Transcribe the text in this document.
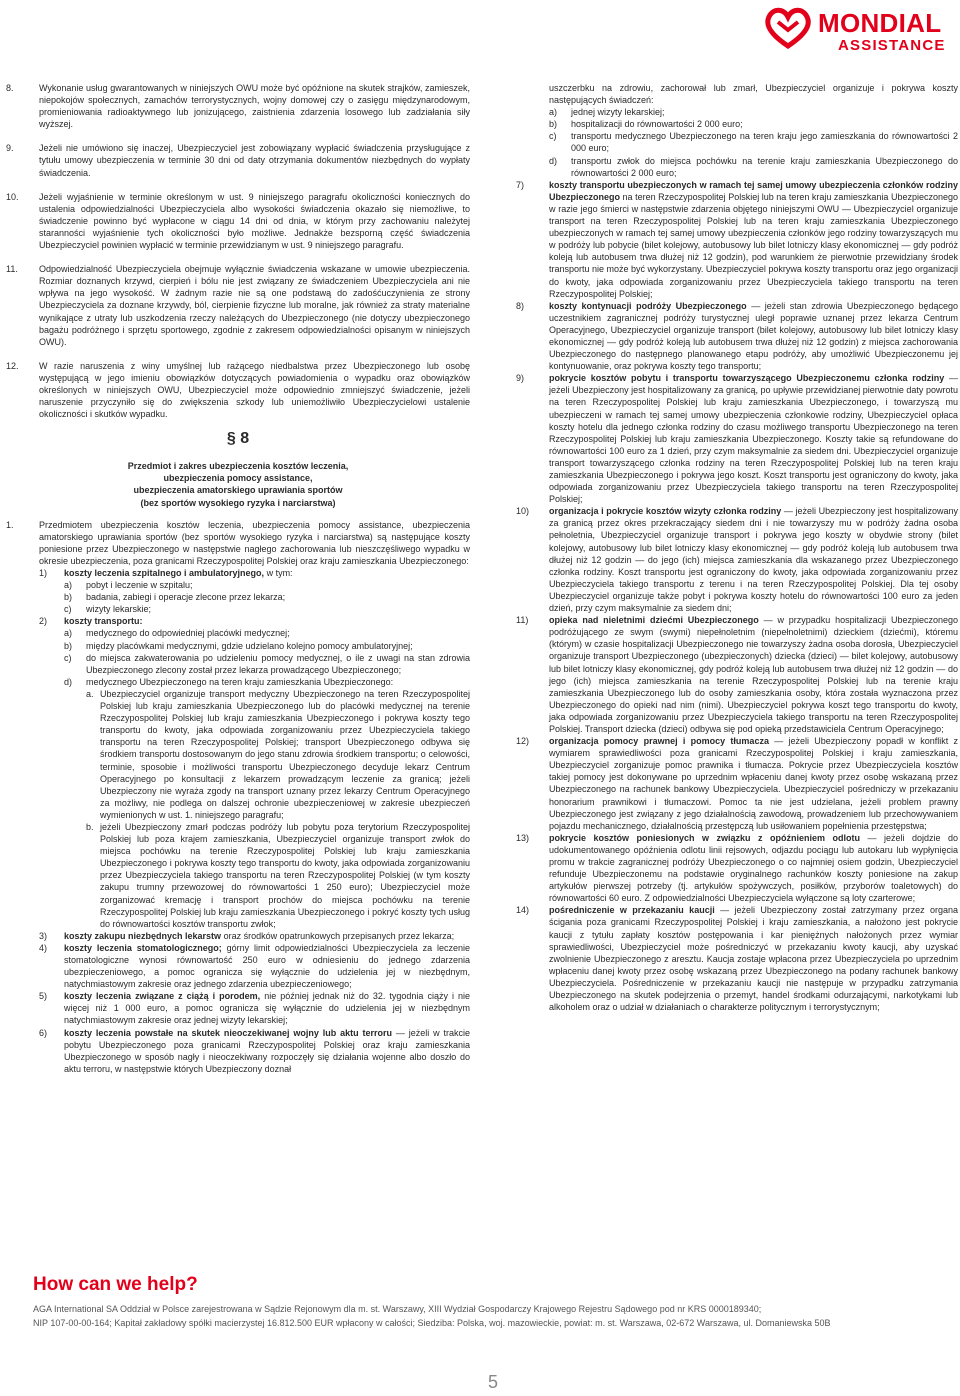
MONDIAL
ASSISTANCE
8.	Wykonanie usług gwarantowanych w niniejszych OWU może być opóźnione na skutek strajków, zamieszek, niepokojów społecznych, zamachów terrorystycznych, wojny domowej czy o zasięgu międzynarodowym, promieniowania radioaktywnego lub jonizującego, zaistnienia zdarzenia losowego lub zadziałania siły wyższej.
9.	Jeżeli nie umówiono się inaczej, Ubezpieczyciel jest zobowiązany wypłacić świadczenia przysługujące z tytułu umowy ubezpieczenia w terminie 30 dni od daty otrzymania dokumentów niezbędnych do wypłaty świadczenia.
10. Jeżeli wyjaśnienie w terminie określonym w ust. 9 niniejszego paragrafu okoliczności koniecznych do ustalenia odpowiedzialności Ubezpieczyciela albo wysokości świadczenia okazało się niemożliwe, to świadczenie powinno być wypłacone w ciągu 14 dni od dnia, w którym przy zachowaniu należytej staranności wyjaśnienie tych okoliczności było możliwe. Jednakże bezsporną część świadczenia Ubezpieczyciel powinien wypłacić w terminie przewidzianym w ust. 9 niniejszego paragrafu.
11. Odpowiedzialność Ubezpieczyciela obejmuje wyłącznie świadczenia wskazane w umowie ubezpieczenia. Rozmiar doznanych krzywd, cierpień i bólu nie jest związany ze świadczeniem Ubezpieczyciela ani nie wpływa na jego wysokość. W żadnym razie nie są one podstawą do zadośćuczynienia ze strony Ubezpieczyciela za doznane krzywdy, ból, cierpienie fizyczne lub moralne, jak również za straty materialne wynikające z utraty lub uszkodzenia rzeczy należących do Ubezpieczonego (nie dotyczy ubezpieczonego bagażu podróżnego i sprzętu sportowego, zgodnie z zakresem odpowiedzialności opisanym w niniejszych OWU).
12. W razie naruszenia z winy umyślnej lub rażącego niedbalstwa przez Ubezpieczonego lub osobę występującą w jego imieniu obowiązków dotyczących powiadomienia o wypadku oraz obowiązków określonych w niniejszych OWU, Ubezpieczyciel może odpowiednio zmniejszyć świadczenie, jeżeli naruszenie przyczyniło się do zwiększenia szkody lub uniemożliwiło Ubezpieczycielowi ustalenie okoliczności i skutków wypadku.
§ 8
Przedmiot i zakres ubezpieczenia kosztów leczenia,
ubezpieczenia pomocy assistance,
ubezpieczenia amatorskiego uprawiania sportów
(bez sportów wysokiego ryzyka i narciarstwa)
1.	Przedmiotem ubezpieczenia kosztów leczenia, ubezpieczenia pomocy assistance, ubezpieczenia amatorskiego uprawiania sportów (bez sportów wysokiego ryzyka i narciarstwa) są następujące koszty poniesione przez Ubezpieczonego w następstwie nagłego zachorowania lub nieszczęśliwego wypadku w okresie ubezpieczenia, poza granicami Rzeczypospolitej Polskiej oraz kraju zamieszkania Ubezpieczonego:
1) koszty leczenia szpitalnego i ambulatoryjnego, w tym:
a) pobyt i leczenie w szpitalu;
b) badania, zabiegi i operacje zlecone przez lekarza;
c) wizyty lekarskie;
2) koszty transportu:
a) medycznego do odpowiedniej placówki medycznej;
b) między placówkami medycznymi, gdzie udzielano kolejno pomocy ambulatoryjnej;
c) do miejsca zakwaterowania po udzieleniu pomocy medycznej, o ile z uwagi na stan zdrowia Ubezpieczonego zlecony został przez lekarza prowadzącego Ubezpieczonego;
d) medycznego Ubezpieczonego na teren kraju zamieszkania Ubezpieczonego:
a. Ubezpieczyciel organizuje transport medyczny Ubezpieczonego na teren Rzeczypospolitej Polskiej lub kraju zamieszkania Ubezpieczonego lub do placówki medycznej na terenie Rzeczypospolitej Polskiej lub kraju zamieszkania Ubezpieczonego i pokrywa koszty tego transportu do kwoty, jaka odpowiada zorganizowaniu przez Ubezpieczyciela takiego transportu na teren Rzeczypospolitej Polskiej; transport Ubezpieczonego odbywa się środkiem transportu dostosowanym do jego stanu zdrowia środkiem transportu; o celowości, terminie, sposobie i możliwości transportu Ubezpieczonego decyduje lekarz Centrum Operacyjnego po konsultacji z lekarzem prowadzącym leczenie za granicą; jeżeli Ubezpieczony nie wyraża zgody na transport uznany przez lekarzy Centrum Operacyjnego za możliwy, nie podlega on dalszej ochronie ubezpieczeniowej w zakresie ubezpieczeń wymienionych w ust. 1. niniejszego paragrafu;
b. jeżeli Ubezpieczony zmarł podczas podróży lub pobytu poza terytorium Rzeczypospolitej Polskiej lub poza krajem zamieszkania, Ubezpieczyciel organizuje transport zwłok do miejsca pochówku na terenie Rzeczypospolitej Polskiej lub kraju zamieszkania Ubezpieczonego i pokrywa koszty tego transportu do kwoty, jaka odpowiada zorganizowaniu przez Ubezpieczyciela takiego transportu na teren Rzeczypospolitej Polskiej (w tym koszty zakupu trumny przewozowej do równowartości 1 250 euro); Ubezpieczyciel może zorganizować kremację i transport prochów do miejsca pochówku na terenie Rzeczypospolitej Polskiej lub kraju zamieszkania Ubezpieczonego i pokryć koszty tych usług do równowartości kosztów transportu zwłok;
3) koszty zakupu niezbędnych lekarstw oraz środków opatrunkowych przepisanych przez lekarza;
4) koszty leczenia stomatologicznego; górny limit odpowiedzialności Ubezpieczyciela za leczenie stomatologiczne wynosi równowartość 250 euro w odniesieniu do jednego zdarzenia ubezpieczeniowego, a pomoc ogranicza się wyłącznie do udzielenia jej w niezbędnym, natychmiastowym zakresie oraz jednego zdarzenia ubezpieczeniowego;
5) koszty leczenia związane z ciążą i porodem, nie później jednak niż do 32. tygodnia ciąży i nie więcej niż 1 000 euro, a pomoc ogranicza się wyłącznie do udzielenia jej w niezbędnym natychmiastowym zakresie oraz jednej wizyty lekarskiej;
6) koszty leczenia powstałe na skutek nieoczekiwanej wojny lub aktu terroru — jeżeli w trakcie pobytu Ubezpieczonego poza granicami Rzeczypospolitej Polskiej oraz kraju zamieszkania Ubezpieczonego w sposób nagły i nieoczekiwany rozpoczęły się działania wojenne albo doszło do aktu terroru, w następstwie których Ubezpieczony doznał
uszczerbku na zdrowiu, zachorował lub zmarł, Ubezpieczyciel organizuje i pokrywa koszty następujących świadczeń:
a) jednej wizyty lekarskiej;
b) hospitalizacji do równowartości 2 000 euro;
c) transportu medycznego Ubezpieczonego na teren kraju jego zamieszkania do równowartości 2 000 euro;
d) transportu zwłok do miejsca pochówku na terenie kraju zamieszkania Ubezpieczonego do równowartości 2 000 euro;
7)	koszty transportu ubezpieczonych w ramach tej samej umowy ubezpieczenia członków rodziny Ubezpieczonego na teren Rzeczypospolitej Polskiej lub na teren kraju zamieszkania Ubezpieczonego w razie jego śmierci w następstwie zdarzenia objętego niniejszymi OWU — Ubezpieczyciel organizuje transport na teren Rzeczypospolitej Polskiej lub na teren kraju zamieszkania Ubezpieczonego ubezpieczonych w ramach tej samej umowy ubezpieczenia członków jego rodziny towarzyszących mu w podróży lub pobycie (bilet kolejowy, autobusowy lub bilet lotniczy klasy ekonomicznej — gdy podróż koleją lub autobusem trwa dłużej niż 12 godzin), pod warunkiem że pierwotnie przewidziany środek transportu nie może być wykorzystany. Ubezpieczyciel pokrywa koszty transportu oraz jego organizacji do kwoty, jaka odpowiada zorganizowaniu przez Ubezpieczyciela takiego transportu na teren Rzeczypospolitej Polskiej;
8)	koszty kontynuacji podróży Ubezpieczonego — jeżeli stan zdrowia Ubezpieczonego będącego uczestnikiem zagranicznej podróży turystycznej uległ poprawie uznanej przez lekarza Centrum Operacyjnego, Ubezpieczyciel organizuje transport (bilet kolejowy, autobusowy lub bilet lotniczy klasy ekonomicznej — gdy podróż koleją lub autobusem trwa dłużej niż 12 godzin) z miejsca zachorowania Ubezpieczonego do następnego planowanego etapu podróży, aby umożliwić Ubezpieczonemu jej kontynuowanie, oraz pokrywa koszty tego transportu;
9)	pokrycie kosztów pobytu i transportu towarzyszącego Ubezpieczonemu członka rodziny — jeżeli Ubezpieczony jest hospitalizowany za granicą, po upływie przewidzianej pierwotnie daty powrotu na teren Rzeczypospolitej Polskiej lub kraju zamieszkania Ubezpieczonego, i towarzyszą mu ubezpieczeni w ramach tej samej umowy ubezpieczenia członkowie rodziny, Ubezpieczyciel opłaca koszty hotelu dla jednego członka rodziny do czasu możliwego transportu Ubezpieczonego na teren Rzeczypospolitej Polskiej lub kraju zamieszkania Ubezpieczonego. Koszty takie są refundowane do równowartości 100 euro za 1 dzień, przy czym maksymalnie za siedem dni. Ubezpieczyciel organizuje transport towarzyszącego członka rodziny na teren Rzeczypospolitej Polskiej lub na teren kraju zamieszkania Ubezpieczonego i pokrywa jego koszt. Koszt transportu jest ograniczony do kwoty, jaka odpowiada zorganizowaniu przez Ubezpieczyciela takiego transportu na teren Rzeczypospolitej Polskiej;
10) organizacja i pokrycie kosztów wizyty członka rodziny — jeżeli Ubezpieczony jest hospitalizowany za granicą przez okres przekraczający siedem dni i nie towarzyszy mu w podróży żadna osoba pełnoletnia, Ubezpieczyciel organizuje transport i pokrywa jego koszty w obydwie strony (bilet kolejowy, autobusowy lub bilet lotniczy klasy ekonomicznej — gdy podróż koleją lub autobusem trwa dłużej niż 12 godzin — do jego (ich) miejsca zamieszkania dla wskazanego przez Ubezpieczonego członka rodziny. Koszt transportu jest ograniczony do kwoty, jaka odpowiada zorganizowaniu przez Ubezpieczyciela takiego transportu z terenu i na teren Rzeczypospolitej Polskiej. Dla tej osoby Ubezpieczyciel organizuje także pobyt i pokrywa koszty hotelu do równowartości 100 euro za jeden dzień, przy czym maksymalnie za siedem dni;
11) opieka nad nieletnimi dziećmi Ubezpieczonego — w przypadku hospitalizacji Ubezpieczonego podróżującego ze swym (swymi) niepełnoletnim (niepełnoletnimi) dzieckiem (dziećmi), któremu (którym) w czasie hospitalizacji Ubezpieczonego nie towarzyszy żadna osoba dorosła, Ubezpieczyciel organizuje transport Ubezpieczonego (ubezpieczonych) dziecka (dzieci) — bilet kolejowy, autobusowy lub bilet lotniczy klasy ekonomicznej, gdy podróż koleją lub autobusem trwa dłużej niż 12 godzin — do jego (ich) miejsca zamieszkania na terenie Rzeczypospolitej Polskiej lub na terenie kraju zamieszkania Ubezpieczonego lub do osoby zamieszkania osoby, która została wyznaczona przez Ubezpieczonego do opieki nad nim (nimi). Ubezpieczyciel pokrywa koszt tego transportu do kwoty, jaka odpowiada zorganizowaniu przez Ubezpieczyciela takiego transportu na teren Rzeczypospolitej Polskiej. Transport dziecka (dzieci) odbywa się pod opieką przedstawiciela Centrum Operacyjnego;
12) organizacja pomocy prawnej i pomocy tłumacza — jeżeli Ubezpieczony popadł w konflikt z wymiarem sprawiedliwości poza granicami Rzeczypospolitej Polskiej i kraju zamieszkania, Ubezpieczyciel zorganizuje pomoc prawnika i tłumacza. Pokrycie przez Ubezpieczyciela kosztów takiej pomocy jest dokonywane po uprzednim wpłaceniu danej kwoty przez osobę wskazaną przez Ubezpieczonego na rachunek bankowy Ubezpieczyciela. Ubezpieczyciel pośredniczy w przekazaniu honorarium prawnikowi i tłumaczowi. Pomoc ta nie jest udzielana, jeżeli problem prawny Ubezpieczonego jest związany z jego działalnością zawodową, prowadzeniem lub przechowywaniem pojazdu mechanicznego, działalnością przestępczą lub usiłowaniem popełnienia przestępstwa;
13) pokrycie kosztów poniesionych w związku z opóźnieniem odlotu — jeżeli dojdzie do udokumentowanego opóźnienia odlotu linii rejsowych, odjazdu pociągu lub autokaru lub wypłynięcia promu w trakcie zagranicznej podróży Ubezpieczonego o co najmniej osiem godzin, Ubezpieczyciel refunduje Ubezpieczonemu na podstawie oryginalnego rachunków koszty poniesione na zakup artykułów pierwszej potrzeby (tj. artykułów spożywczych, posiłków, przyborów toaletowych) do równowartości 60 euro. Z odpowiedzialności Ubezpieczyciela wyłączone są loty czarterowe;
14) pośredniczenie w przekazaniu kaucji — jeżeli Ubezpieczony został zatrzymany przez organa ścigania poza granicami Rzeczypospolitej Polskiej i kraju zamieszkania, a nałożono jest pokrycie kaucji z tytułu zapłaty kosztów postępowania i kar pieniężnych nałożonych przez wymiar sprawiedliwości, Ubezpieczyciel może pośredniczyć w przekazaniu kwoty kaucji, aby uzyskać zwolnienie Ubezpieczonego z aresztu. Kaucja zostaje wpłacona przez Ubezpieczyciela po uprzednim wpłaceniu danej kwoty przez osobę wskazaną przez Ubezpieczonego na podany rachunek bankowy Ubezpieczyciela. Pośredniczenie w przekazaniu kaucji nie następuje w przypadku zatrzymania Ubezpieczonego na skutek podejrzenia o przemyt, handel środkami odurzającymi, narkotykami lub alkoholem oraz o udział w działaniach o charakterze politycznym i terrorystycznym;
How can we help?
AGA International SA Oddział w Polsce zarejestrowana w Sądzie Rejonowym dla m. st. Warszawy, XIII Wydział Gospodarczy Krajowego Rejestru Sądowego pod nr KRS 0000189340;
NIP 107-00-00-164; Kapitał zakładowy spółki macierzystej 16.812.500 EUR wpłacony w całości; Siedziba: Polska, woj. mazowieckie, powiat: m. st. Warszawa, 02-672 Warszawa, ul. Domaniewska 50B
5
